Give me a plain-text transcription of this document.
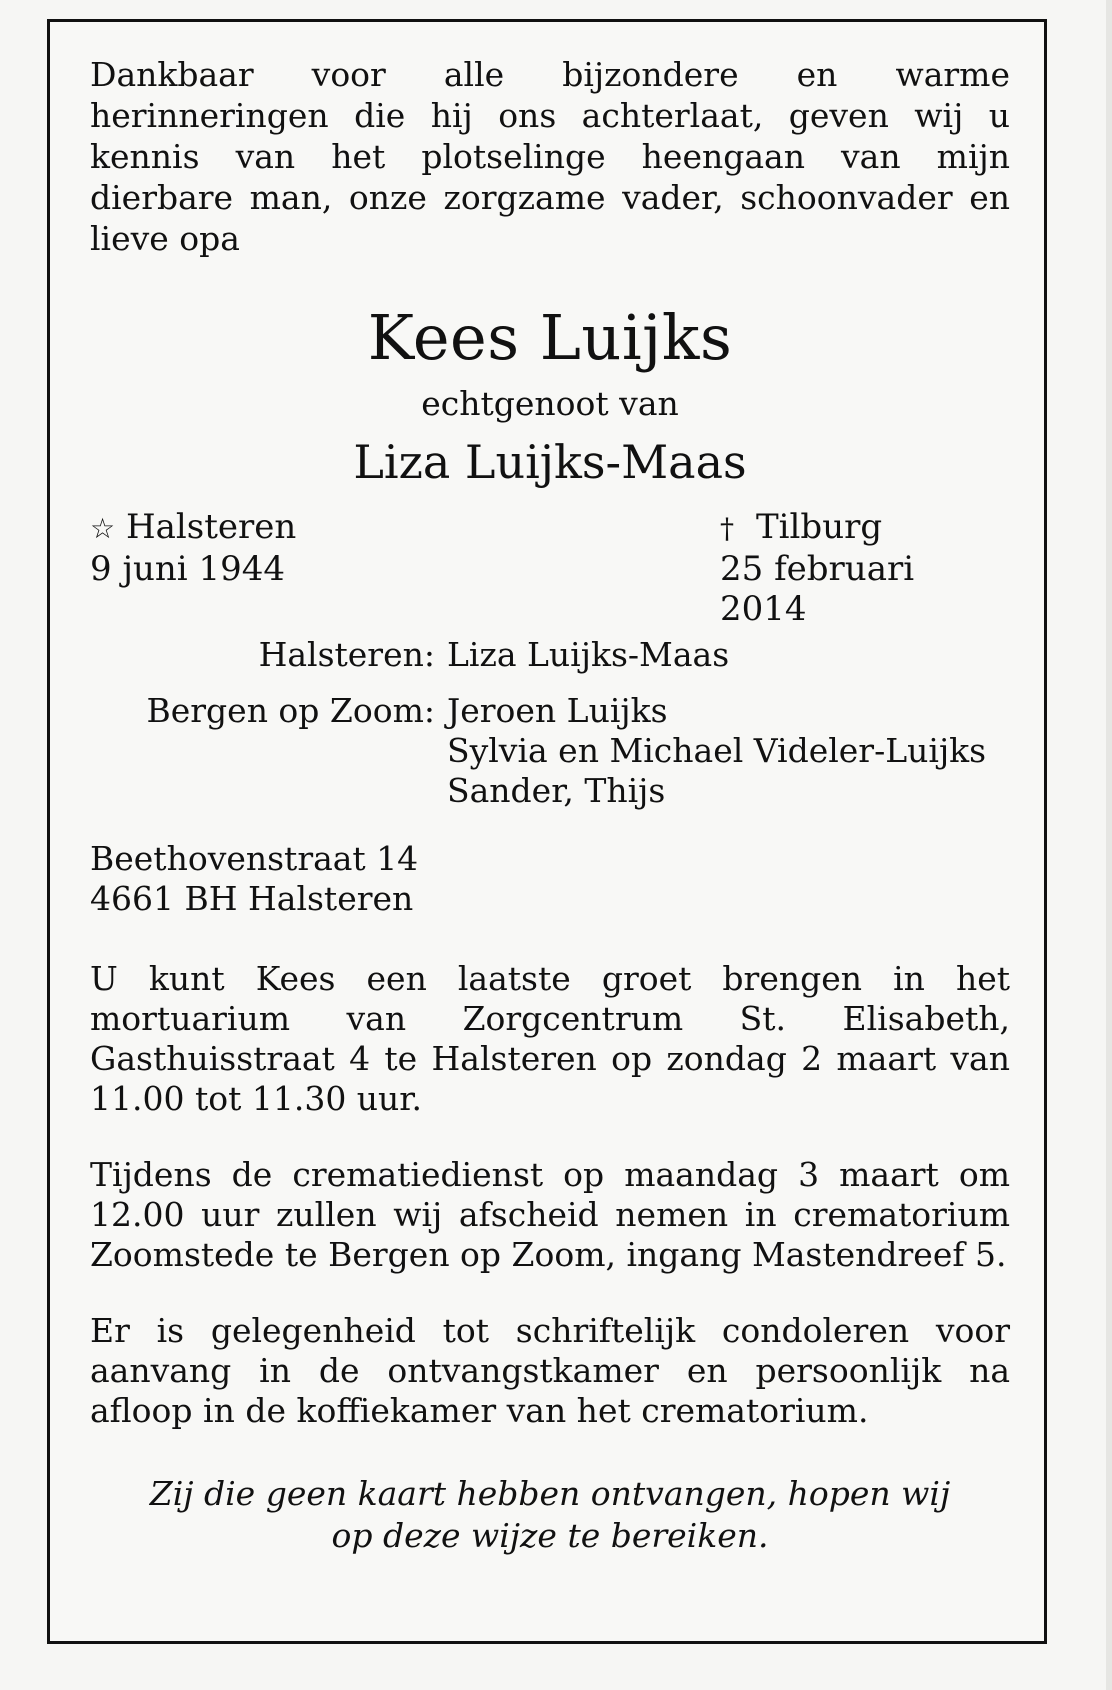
Dankbaar voor alle bijzondere en warme herinneringen die hij ons achterlaat, geven wij u kennis van het plotselinge heengaan van mijn dierbare man, onze zorgzame vader, schoonvader en lieve opa

Kees Luijks
echtgenoot van
Liza Luijks-Maas
☆ Halsteren
9 juni 1944
† Tilburg
25 februari 2014
Halsteren: Liza Luijks-Maas
Bergen op Zoom: Jeroen Luijks
Sylvia en Michael Videler-Luijks
Sander, Thijs
Beethovenstraat 14
4661 BH Halsteren

U kunt Kees een laatste groet brengen in het mortuarium van Zorgcentrum St. Elisabeth, Gasthuisstraat 4 te Halsteren op zondag 2 maart van 11.00 tot 11.30 uur.

Tijdens de crematiedienst op maandag 3 maart om 12.00 uur zullen wij afscheid nemen in crematorium Zoomstede te Bergen op Zoom, ingang Mastendreef 5.

Er is gelegenheid tot schriftelijk condoleren voor aanvang in de ontvangstkamer en persoonlijk na afloop in de koffiekamer van het crematorium.

Zij die geen kaart hebben ontvangen, hopen wij
op deze wijze te bereiken.
